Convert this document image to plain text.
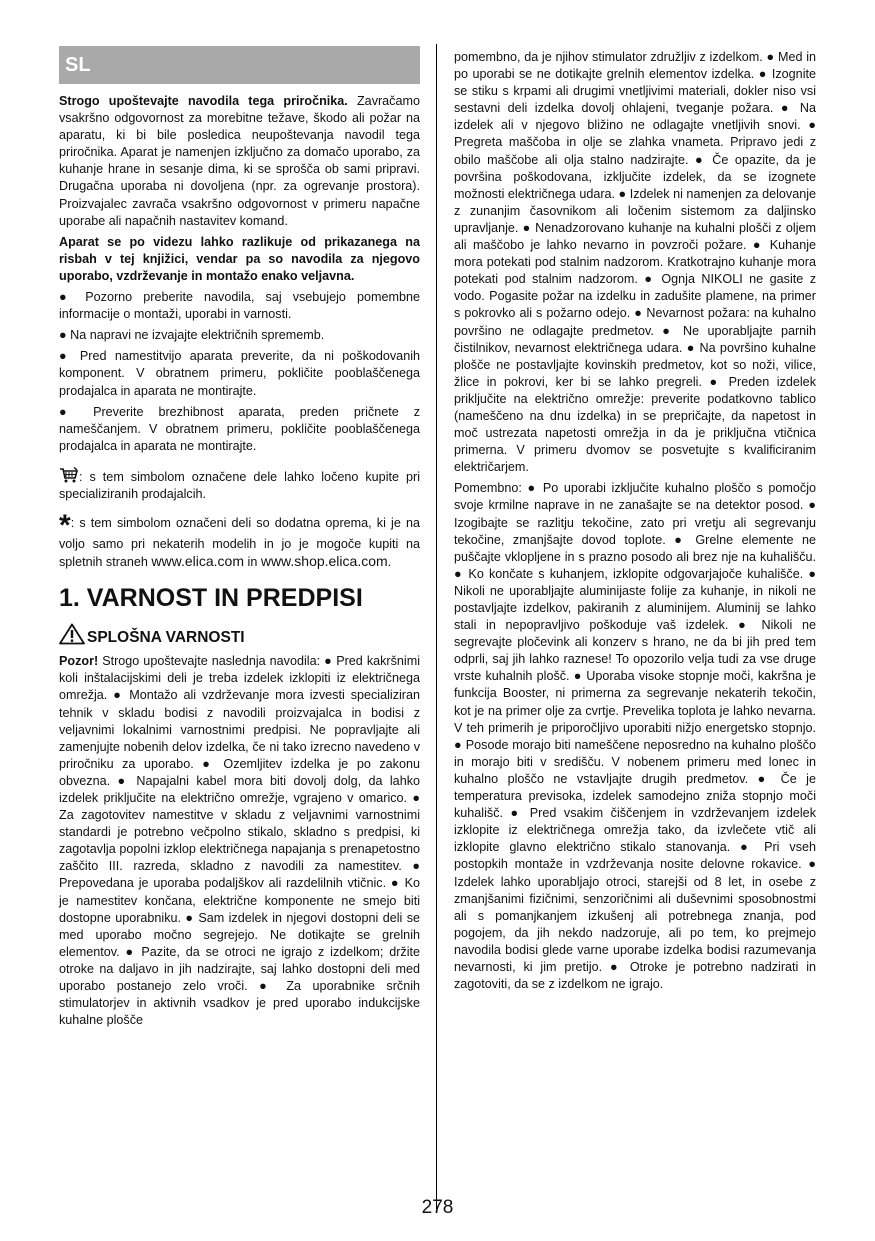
SL

Strogo upoštevajte navodila tega priročnika. Zavračamo vsakršno odgovornost za morebitne težave, škodo ali požar na aparatu, ki bi bile posledica neupoštevanja navodil tega priročnika. Aparat je namenjen izključno za domačo uporabo, za kuhanje hrane in sesanje dima, ki se sprošča ob sami pripravi. Drugačna uporaba ni dovoljena (npr. za ogrevanje prostora). Proizvajalec zavrača vsakršno odgovornost v primeru napačne uporabe ali napačnih nastavitev komand.

Aparat se po videzu lahko razlikuje od prikazanega na risbah v tej knjižici, vendar pa so navodila za njegovo uporabo, vzdrževanje in montažo enako veljavna.

● Pozorno preberite navodila, saj vsebujejo pomembne informacije o montaži, uporabi in varnosti.

● Na napravi ne izvajajte električnih sprememb.

● Pred namestitvijo aparata preverite, da ni poškodovanih komponent. V obratnem primeru, pokličite pooblaščenega prodajalca in aparata ne montirajte.

● Preverite brezhibnost aparata, preden pričnete z nameščanjem. V obratnem primeru, pokličite pooblaščenega prodajalca in aparata ne montirajte.

: s tem simbolom označene dele lahko ločeno kupite pri specializiranih prodajalcih.

*: s tem simbolom označeni deli so dodatna oprema, ki je na voljo samo pri nekaterih modelih in jo je mogoče kupiti na spletnih straneh www.elica.com in www.shop.elica.com.

1. VARNOST IN PREDPISI
SPLOŠNA VARNOSTI

Pozor! Strogo upoštevajte naslednja navodila: ● Pred kakršnimi koli inštalacijskimi deli je treba izdelek izklopiti iz električnega omrežja. ● Montažo ali vzdrževanje mora izvesti specializiran tehnik v skladu bodisi z navodili proizvajalca in bodisi z veljavnimi lokalnimi varnostnimi predpisi. Ne popravljajte ali zamenjujte nobenih delov izdelka, če ni tako izrecno navedeno v priročniku za uporabo. ● Ozemljitev izdelka je po zakonu obvezna. ● Napajalni kabel mora biti dovolj dolg, da lahko izdelek priključite na električno omrežje, vgrajeno v omarico. ● Za zagotovitev namestitve v skladu z veljavnimi varnostnimi standardi je potrebno večpolno stikalo, skladno s predpisi, ki zagotavlja popolni izklop električnega napajanja s prenapetostno zaščito III. razreda, skladno z navodili za namestitev. ● Prepovedana je uporaba podaljškov ali razdelilnih vtičnic. ● Ko je namestitev končana, električne komponente ne smejo biti dostopne uporabniku. ● Sam izdelek in njegovi dostopni deli se med uporabo močno segrejejo. Ne dotikajte se grelnih elementov. ● Pazite, da se otroci ne igrajo z izdelkom; držite otroke na daljavo in jih nadzirajte, saj lahko dostopni deli med uporabo postanejo zelo vroči. ● Za uporabnike srčnih stimulatorjev in aktivnih vsadkov je pred uporabo indukcijske kuhalne plošče

pomembno, da je njihov stimulator združljiv z izdelkom. ● Med in po uporabi se ne dotikajte grelnih elementov izdelka. ● Izognite se stiku s krpami ali drugimi vnetljivimi materiali, dokler niso vsi sestavni deli izdelka dovolj ohlajeni, tveganje požara. ● Na izdelek ali v njegovo bližino ne odlagajte vnetljivih snovi. ● Pregreta maščoba in olje se zlahka vnameta. Pripravo jedi z obilo maščobe ali olja stalno nadzirajte. ● Če opazite, da je površina poškodovana, izključite izdelek, da se izognete možnosti električnega udara. ● Izdelek ni namenjen za delovanje z zunanjim časovnikom ali ločenim sistemom za daljinsko upravljanje. ● Nenadzorovano kuhanje na kuhalni plošči z oljem ali maščobo je lahko nevarno in povzroči požare. ● Kuhanje mora potekati pod stalnim nadzorom. Kratkotrajno kuhanje mora potekati pod stalnim nadzorom. ● Ognja NIKOLI ne gasite z vodo. Pogasite požar na izdelku in zadušite plamene, na primer s pokrovko ali s požarno odejo. ● Nevarnost požara: na kuhalno površino ne odlagajte predmetov. ● Ne uporabljajte parnih čistilnikov, nevarnost električnega udara. ● Na površino kuhalne plošče ne postavljajte kovinskih predmetov, kot so noži, vilice, žlice in pokrovi, ker bi se lahko pregreli. ● Preden izdelek priključite na električno omrežje: preverite podatkovno tablico (nameščeno na dnu izdelka) in se prepričajte, da napetost in moč ustrezata napetosti omrežja in da je priključna vtičnica primerna. V primeru dvomov se posvetujte s kvalificiranim električarjem.

Pomembno: ● Po uporabi izključite kuhalno ploščo s pomočjo svoje krmilne naprave in ne zanašajte se na detektor posod. ● Izogibajte se razlitju tekočine, zato pri vretju ali segrevanju tekočine, zmanjšajte dovod toplote. ● Grelne elemente ne puščajte vklopljene in s prazno posodo ali brez nje na kuhališču. ● Ko končate s kuhanjem, izklopite odgovarjajoče kuhališče. ● Nikoli ne uporabljajte aluminijaste folije za kuhanje, in nikoli ne postavljajte izdelkov, pakiranih z aluminijem. Aluminij se lahko stali in nepopravljivo poškoduje vaš izdelek. ● Nikoli ne segrevajte pločevink ali konzerv s hrano, ne da bi jih pred tem odprli, saj jih lahko raznese! To opozorilo velja tudi za vse druge vrste kuhalnih plošč. ● Uporaba visoke stopnje moči, kakršna je funkcija Booster, ni primerna za segrevanje nekaterih tekočin, kot je na primer olje za cvrtje. Prevelika toplota je lahko nevarna. V teh primerih je priporočljivo uporabiti nižjo energetsko stopnjo. ● Posode morajo biti nameščene neposredno na kuhalno ploščo in morajo biti v središču. V nobenem primeru med lonec in kuhalno ploščo ne vstavljajte drugih predmetov. ● Če je temperatura previsoka, izdelek samodejno zniža stopnjo moči kuhališč. ● Pred vsakim čiščenjem in vzdrževanjem izdelek izklopite iz električnega omrežja tako, da izvlečete vtič ali izklopite glavno električno stikalo stanovanja. ● Pri vseh postopkih montaže in vzdrževanja nosite delovne rokavice. ● Izdelek lahko uporabljajo otroci, starejši od 8 let, in osebe z zmanjšanimi fizičnimi, senzoričnimi ali duševnimi sposobnostmi ali s pomanjkanjem izkušenj ali potrebnega znanja, pod pogojem, da jih nekdo nadzoruje, ali po tem, ko prejmejo navodila bodisi glede varne uporabe izdelka bodisi razumevanja nevarnosti, ki jim pretijo. ● Otroke je potrebno nadzirati in zagotoviti, da se z izdelkom ne igrajo.

278
